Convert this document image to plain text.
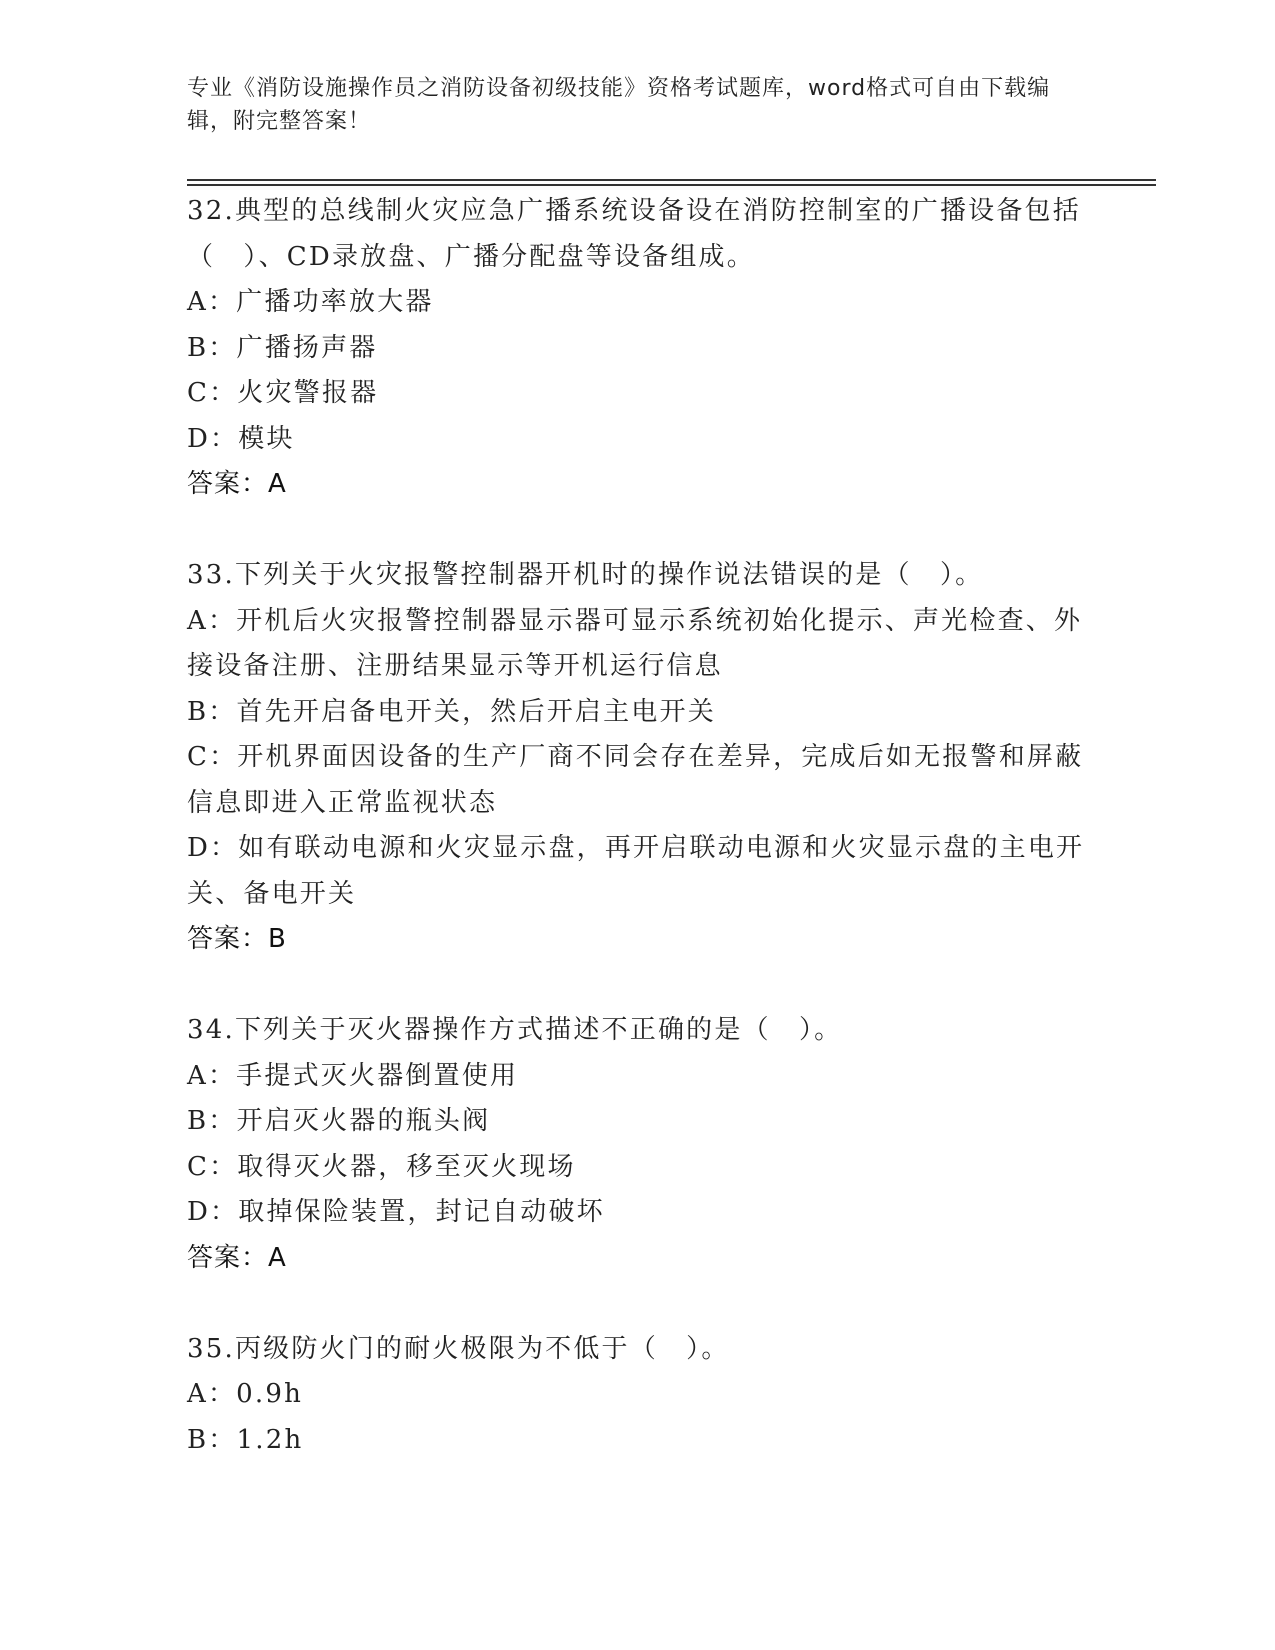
专业《消防设施操作员之消防设备初级技能》资格考试题库，word格式可自由下载编辑，附完整答案！

32.典型的总线制火灾应急广播系统设备设在消防控制室的广播设备包括（　）、CD录放盘、广播分配盘等设备组成。

A：广播功率放大器

B：广播扬声器

C：火灾警报器

D：模块

答案：A

33.下列关于火灾报警控制器开机时的操作说法错误的是（　）。

A：开机后火灾报警控制器显示器可显示系统初始化提示、声光检查、外接设备注册、注册结果显示等开机运行信息

B：首先开启备电开关，然后开启主电开关

C：开机界面因设备的生产厂商不同会存在差异，完成后如无报警和屏蔽信息即进入正常监视状态

D：如有联动电源和火灾显示盘，再开启联动电源和火灾显示盘的主电开关、备电开关

答案：B

34.下列关于灭火器操作方式描述不正确的是（　）。

A：手提式灭火器倒置使用

B：开启灭火器的瓶头阀

C：取得灭火器，移至灭火现场

D：取掉保险装置，封记自动破坏

答案：A

35.丙级防火门的耐火极限为不低于（　）。

A：0.9h

B：1.2h
